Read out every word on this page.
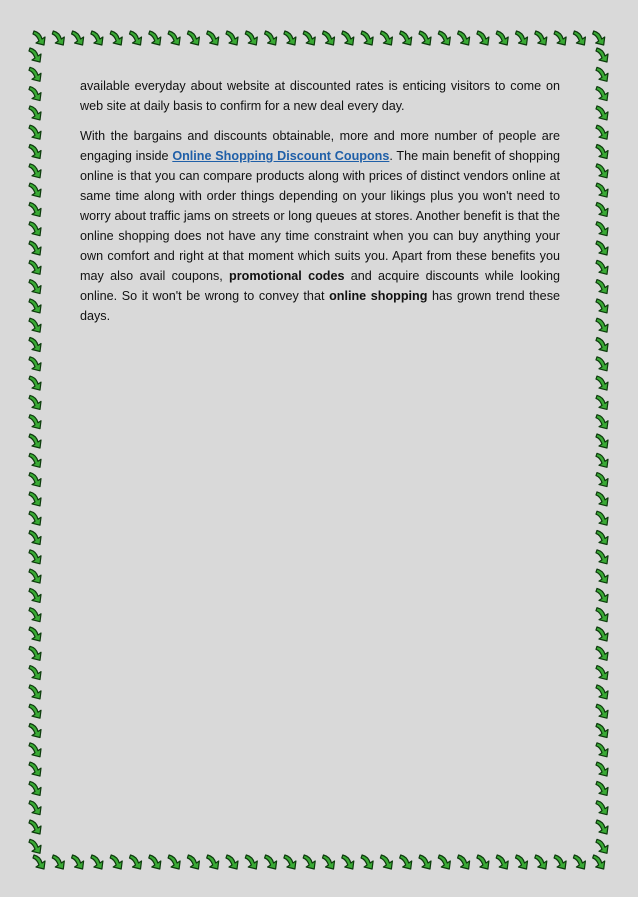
available everyday about website at discounted rates is enticing visitors to come on web site at daily basis to confirm for a new deal every day.

With the bargains and discounts obtainable, more and more number of people are engaging inside Online Shopping Discount Coupons. The main benefit of shopping online is that you can compare products along with prices of distinct vendors online at same time along with order things depending on your likings plus you won't need to worry about traffic jams on streets or long queues at stores. Another benefit is that the online shopping does not have any time constraint when you can buy anything your own comfort and right at that moment which suits you. Apart from these benefits you may also avail coupons, promotional codes and acquire discounts while looking online. So it won't be wrong to convey that online shopping has grown trend these days.
